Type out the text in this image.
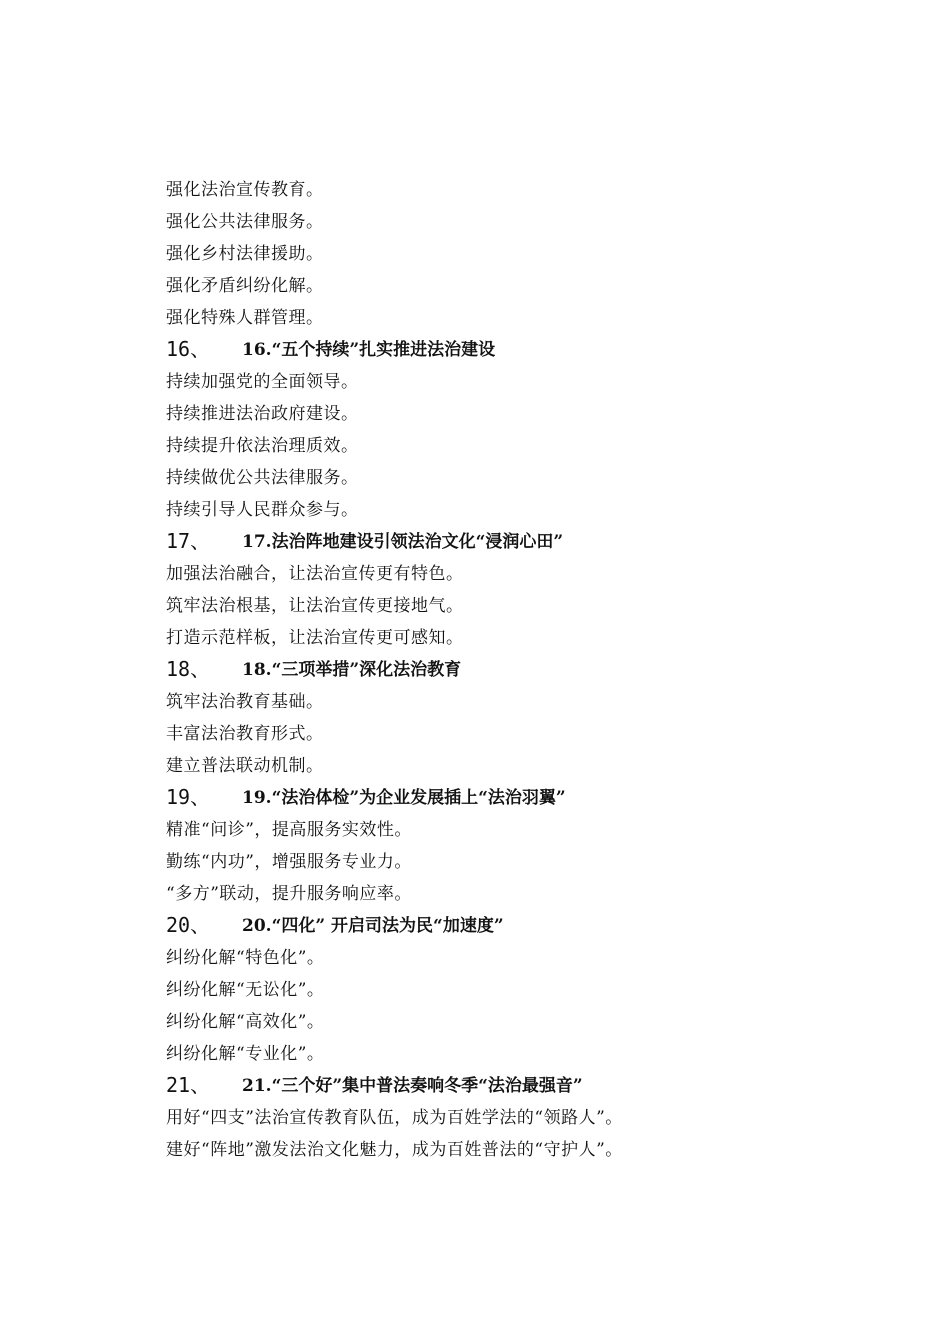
强化法治宣传教育。
强化公共法律服务。
强化乡村法律援助。
强化矛盾纠纷化解。
强化特殊人群管理。
16、 16.“五个持续”扎实推进法治建设
持续加强党的全面领导。
持续推进法治政府建设。
持续提升依法治理质效。
持续做优公共法律服务。
持续引导人民群众参与。
17、 17.法治阵地建设引领法治文化“浸润心田”
加强法治融合，让法治宣传更有特色。
筑牢法治根基，让法治宣传更接地气。
打造示范样板，让法治宣传更可感知。
18、 18.“三项举措”深化法治教育
筑牢法治教育基础。
丰富法治教育形式。
建立普法联动机制。
19、 19.“法治体检”为企业发展插上“法治羽翼”
精准“问诊”，提高服务实效性。
勤练“内功”，增强服务专业力。
“多方”联动，提升服务响应率。
20、 20.“四化” 开启司法为民“加速度”
纠纷化解“特色化”。
纠纷化解“无讼化”。
纠纷化解“高效化”。
纠纷化解“专业化”。
21、 21.“三个好”集中普法奏响冬季“法治最强音”
用好“四支”法治宣传教育队伍，成为百姓学法的“领路人”。
建好“阵地”激发法治文化魅力，成为百姓普法的“守护人”。
